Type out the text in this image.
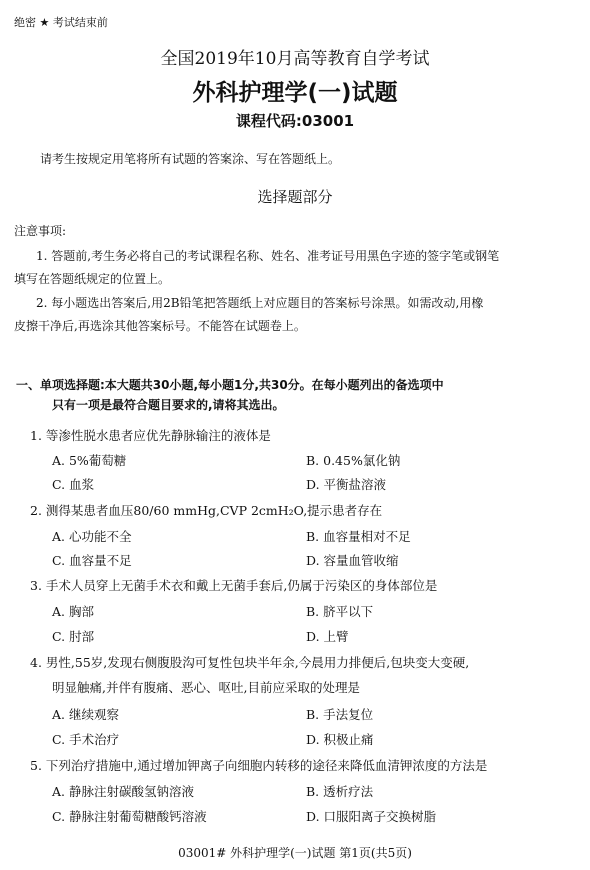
绝密 ★ 考试结束前
全国2019年10月高等教育自学考试
外科护理学(一)试题
课程代码:03001
请考生按规定用笔将所有试题的答案涂、写在答题纸上。
选择题部分
注意事项:
1. 答题前,考生务必将自己的考试课程名称、姓名、准考证号用黑色字迹的签字笔或钢笔
填写在答题纸规定的位置上。
2. 每小题选出答案后,用2B铅笔把答题纸上对应题目的答案标号涂黑。如需改动,用橡
皮擦干净后,再选涂其他答案标号。不能答在试题卷上。
一、单项选择题:本大题共30小题,每小题1分,共30分。在每小题列出的备选项中
只有一项是最符合题目要求的,请将其选出。
1. 等渗性脱水患者应优先静脉输注的液体是
A. 5%葡萄糖	B. 0.45%氯化钠
C. 血浆	D. 平衡盐溶液
2. 测得某患者血压80/60 mmHg,CVP 2cmH₂O,提示患者存在
A. 心功能不全	B. 血容量相对不足
C. 血容量不足	D. 容量血管收缩
3. 手术人员穿上无菌手术衣和戴上无菌手套后,仍属于污染区的身体部位是
A. 胸部	B. 脐平以下
C. 肘部	D. 上臂
4. 男性,55岁,发现右侧腹股沟可复性包块半年余,今晨用力排便后,包块变大变硬,
明显触痛,并伴有腹痛、恶心、呕吐,目前应采取的处理是
A. 继续观察	B. 手法复位
C. 手术治疗	D. 积极止痛
5. 下列治疗措施中,通过增加钾离子向细胞内转移的途径来降低血清钾浓度的方法是
A. 静脉注射碳酸氢钠溶液	B. 透析疗法
C. 静脉注射葡萄糖酸钙溶液	D. 口服阳离子交换树脂
03001# 外科护理学(一)试题 第1页(共5页)
